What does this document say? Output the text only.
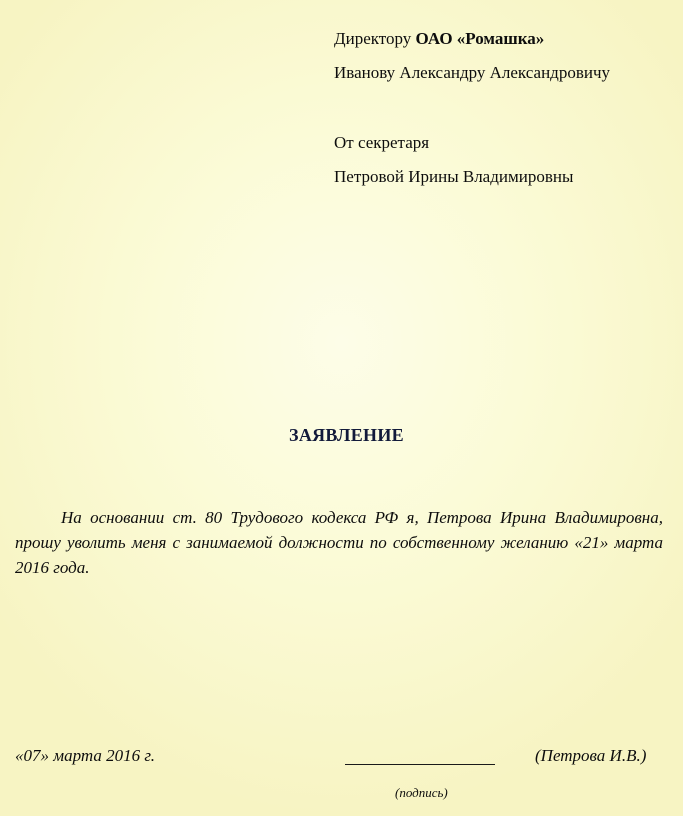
Директору ОАО «Ромашка»
Иванову Александру Александровичу
От секретаря
Петровой Ирины Владимировны
ЗАЯВЛЕНИЕ
На основании ст. 80 Трудового кодекса РФ я, Петрова Ирина Владимировна, прошу уволить меня с занимаемой должности по собственному желанию «21» марта 2016 года.
«07» марта 2016 г.	(Петрова И.В.)
(подпись)
